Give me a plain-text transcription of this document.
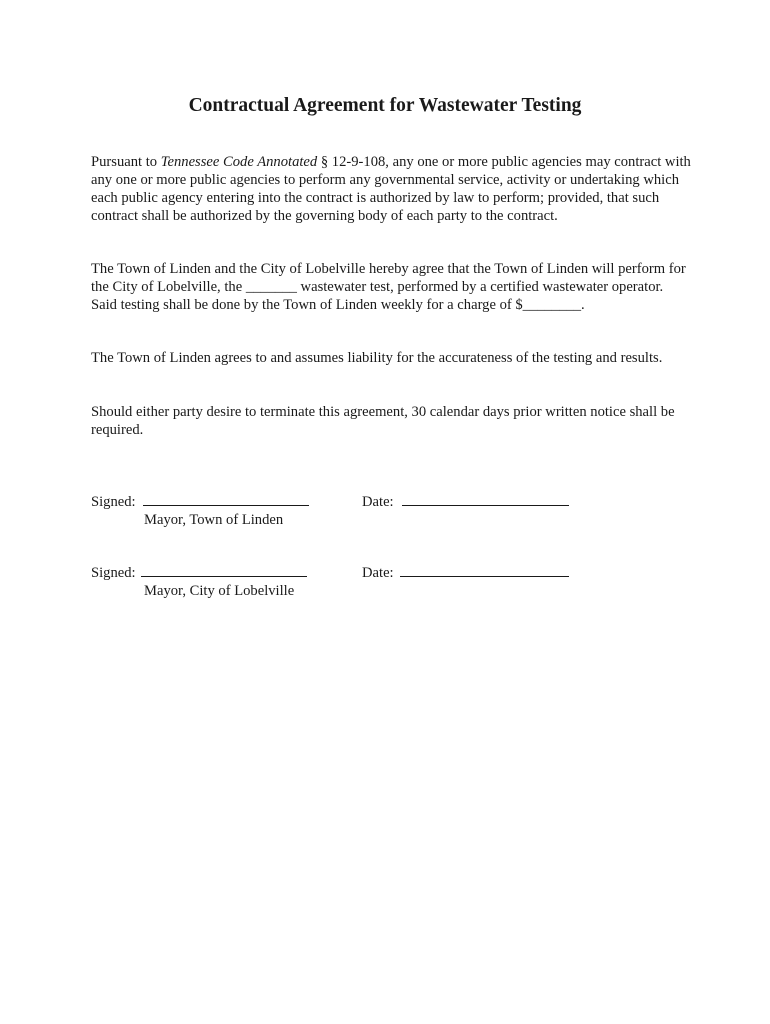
Contractual Agreement for Wastewater Testing

Pursuant to Tennessee Code Annotated § 12-9-108, any one or more public agencies may contract with any one or more public agencies to perform any governmental service, activity or undertaking which each public agency entering into the contract is authorized by law to perform; provided, that such contract shall be authorized by the governing body of each party to the contract.

The Town of Linden and the City of Lobelville hereby agree that the Town of Linden will perform for the City of Lobelville, the _______ wastewater test, performed by a certified wastewater operator. Said testing shall be done by the Town of Linden weekly for a charge of $________.

The Town of Linden agrees to and assumes liability for the accurateness of the testing and results.

Should either party desire to terminate this agreement, 30 calendar days prior written notice shall be required.

Signed:
Mayor, Town of Linden
Date:
Signed:
Mayor, City of Lobelville
Date:
